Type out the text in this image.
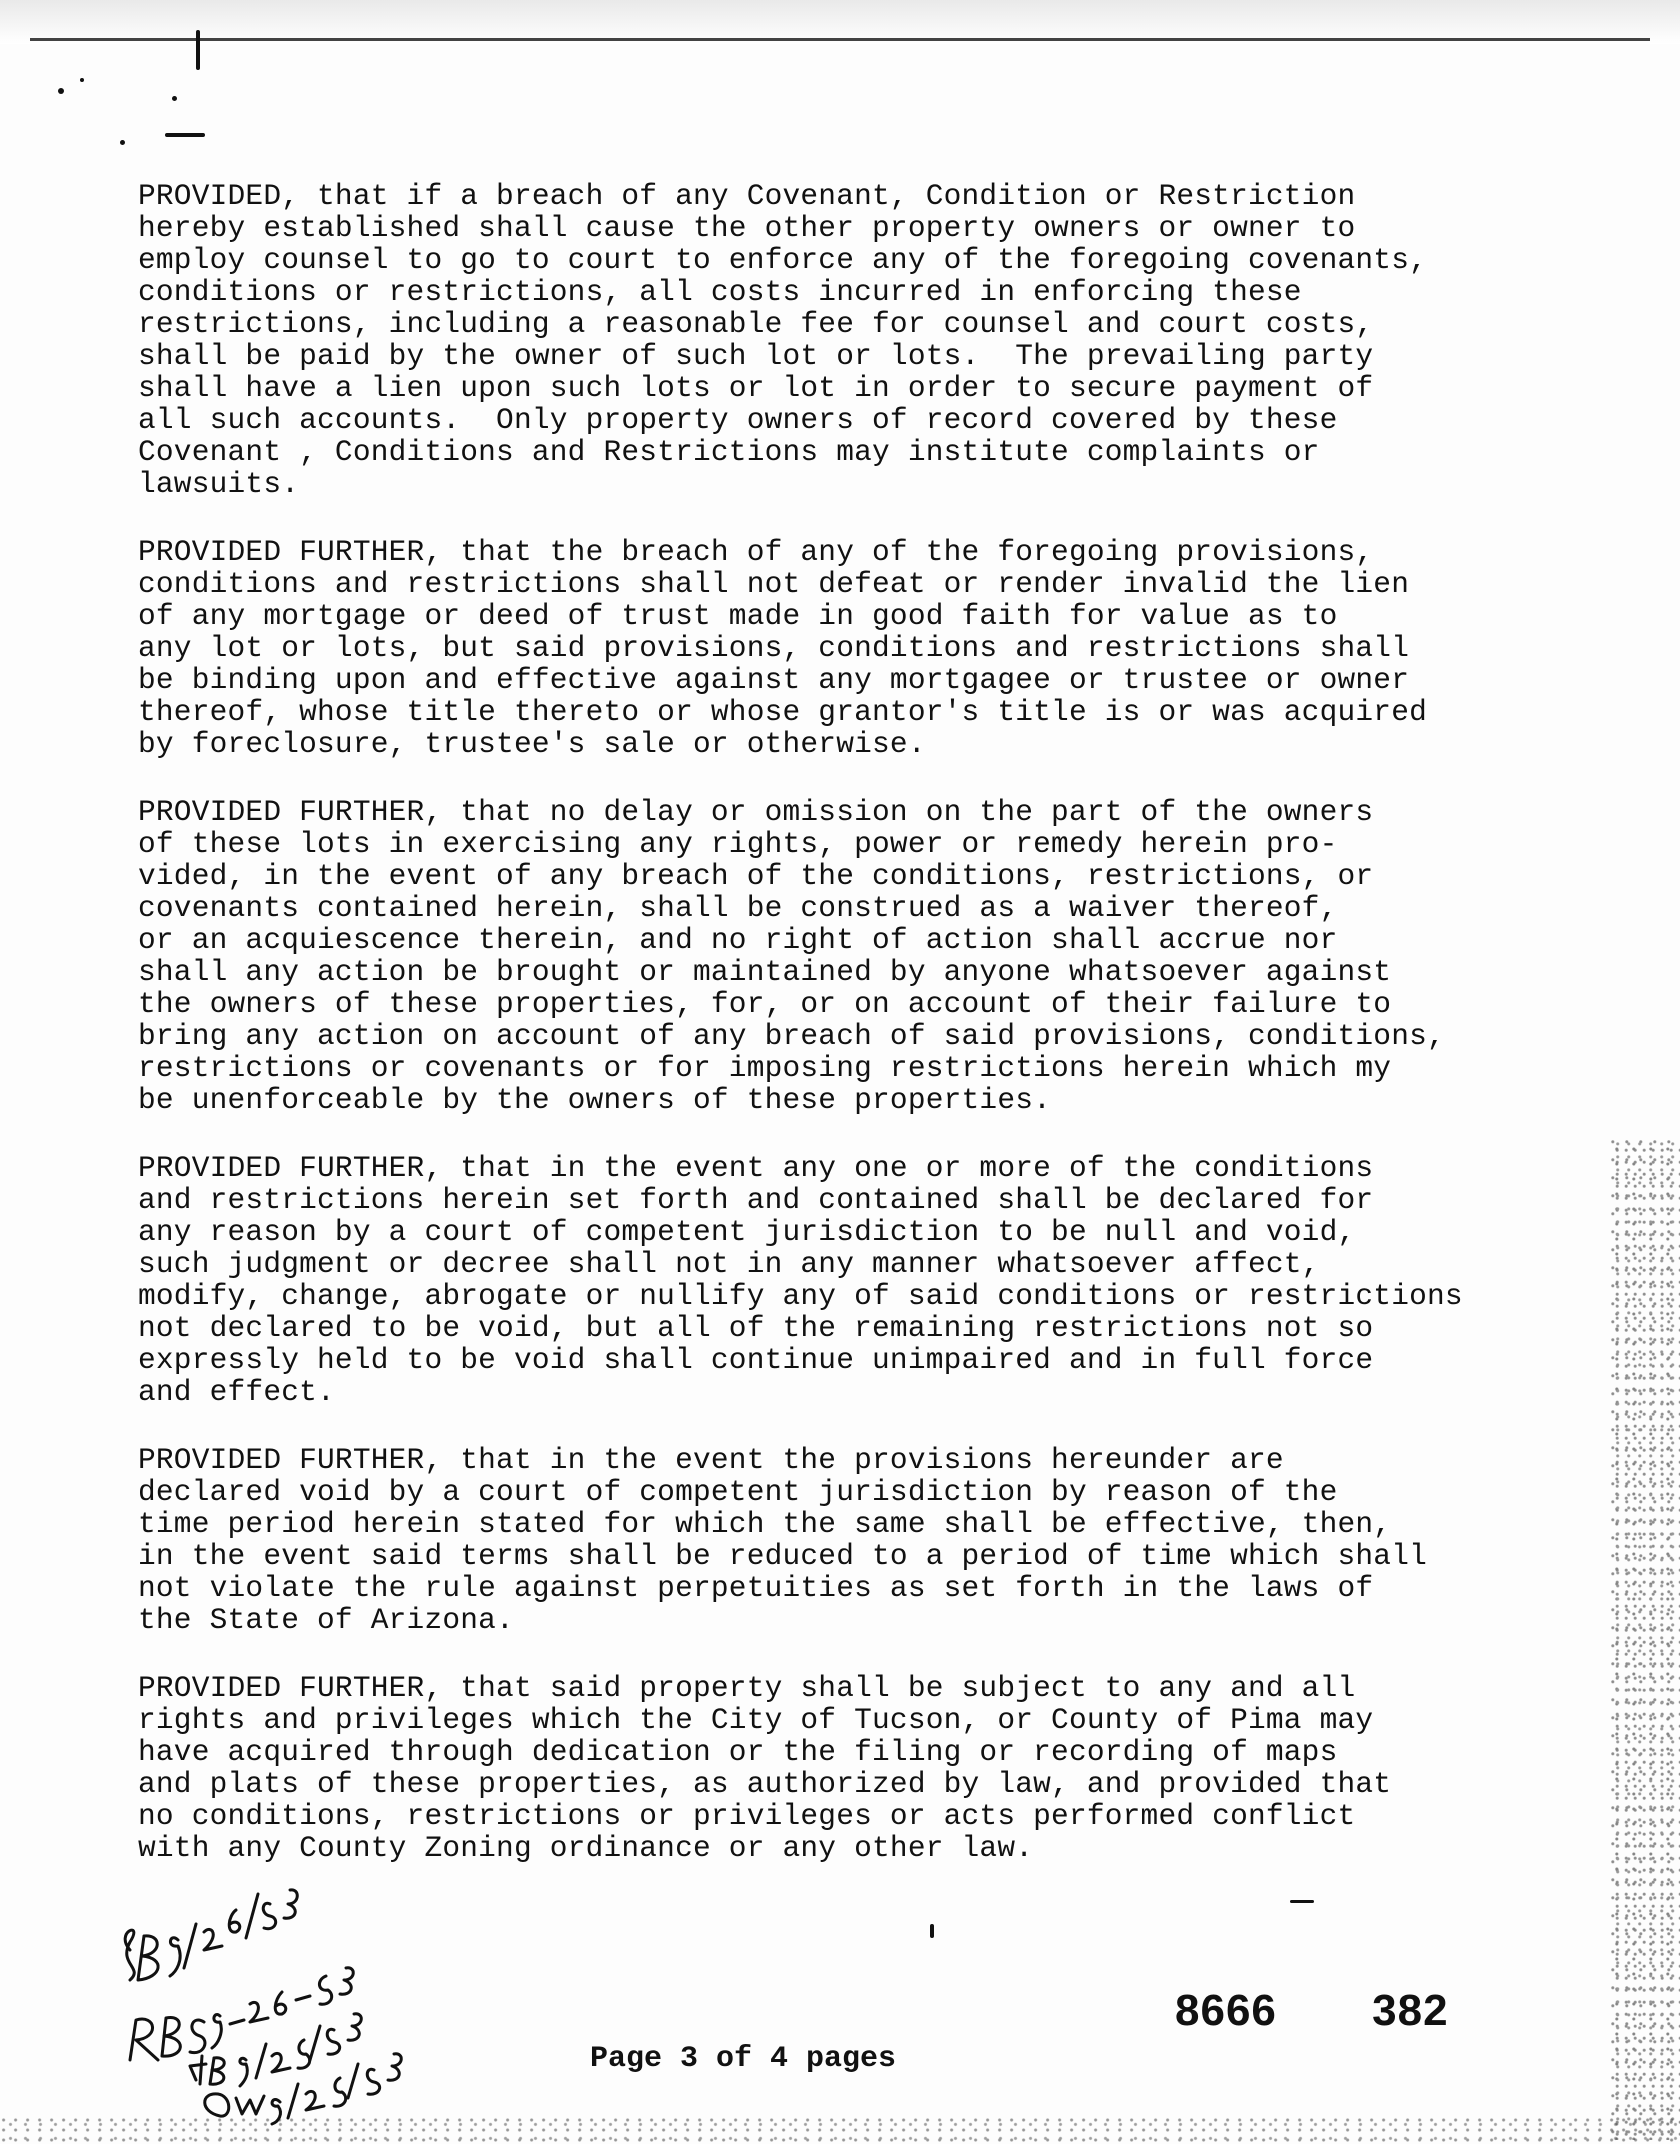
PROVIDED, that if a breach of any Covenant, Condition or Restriction
hereby established shall cause the other property owners or owner to
employ counsel to go to court to enforce any of the foregoing covenants,
conditions or restrictions, all costs incurred in enforcing these
restrictions, including a reasonable fee for counsel and court costs,
shall be paid by the owner of such lot or lots.  The prevailing party
shall have a lien upon such lots or lot in order to secure payment of
all such accounts.  Only property owners of record covered by these
Covenant , Conditions and Restrictions may institute complaints or
lawsuits.
PROVIDED FURTHER, that the breach of any of the foregoing provisions,
conditions and restrictions shall not defeat or render invalid the lien
of any mortgage or deed of trust made in good faith for value as to
any lot or lots, but said provisions, conditions and restrictions shall
be binding upon and effective against any mortgagee or trustee or owner
thereof, whose title thereto or whose grantor's title is or was acquired
by foreclosure, trustee's sale or otherwise.
PROVIDED FURTHER, that no delay or omission on the part of the owners
of these lots in exercising any rights, power or remedy herein pro-
vided, in the event of any breach of the conditions, restrictions, or
covenants contained herein, shall be construed as a waiver thereof,
or an acquiescence therein, and no right of action shall accrue nor
shall any action be brought or maintained by anyone whatsoever against
the owners of these properties, for, or on account of their failure to
bring any action on account of any breach of said provisions, conditions,
restrictions or covenants or for imposing restrictions herein which my
be unenforceable by the owners of these properties.
PROVIDED FURTHER, that in the event any one or more of the conditions
and restrictions herein set forth and contained shall be declared for
any reason by a court of competent jurisdiction to be null and void,
such judgment or decree shall not in any manner whatsoever affect,
modify, change, abrogate or nullify any of said conditions or restrictions
not declared to be void, but all of the remaining restrictions not so
expressly held to be void shall continue unimpaired and in full force
and effect.
PROVIDED FURTHER, that in the event the provisions hereunder are
declared void by a court of competent jurisdiction by reason of the
time period herein stated for which the same shall be effective, then,
in the event said terms shall be reduced to a period of time which shall
not violate the rule against perpetuities as set forth in the laws of
the State of Arizona.
PROVIDED FURTHER, that said property shall be subject to any and all
rights and privileges which the City of Tucson, or County of Pima may
have acquired through dedication or the filing or recording of maps
and plats of these properties, as authorized by law, and provided that
no conditions, restrictions or privileges or acts performed conflict
with any County Zoning ordinance or any other law.
8666 382
Page 3 of 4 pages
